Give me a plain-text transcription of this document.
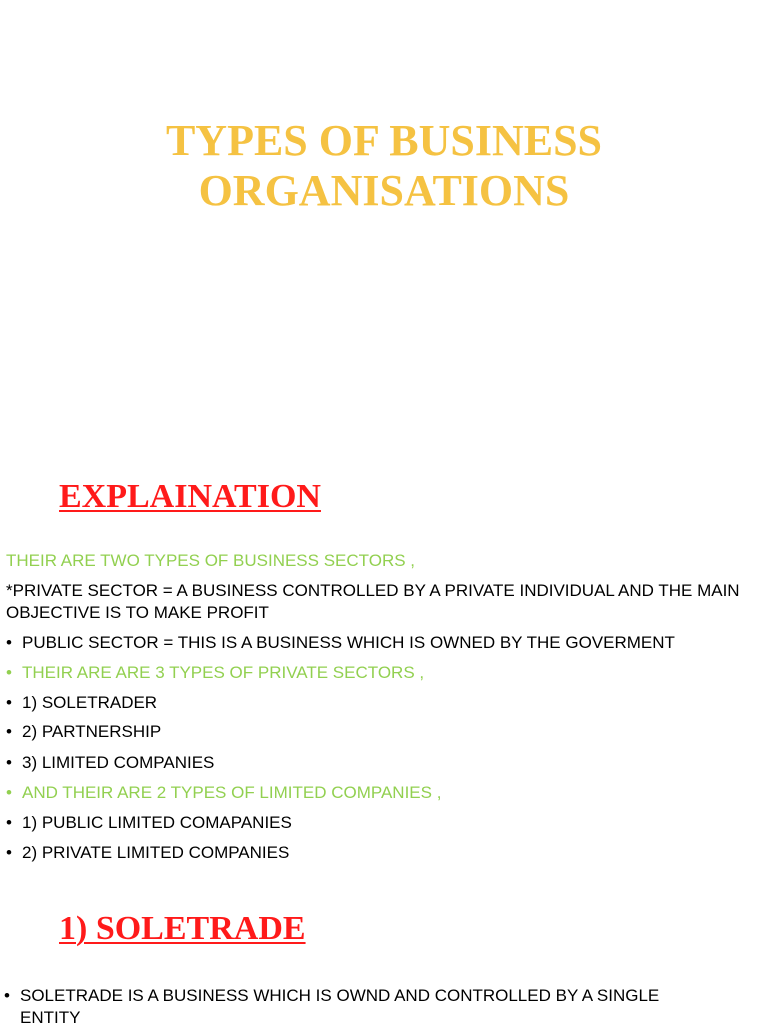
TYPES OF BUSINESS
ORGANISATIONS
EXPLAINATION

THEIR ARE TWO TYPES OF BUSINESS SECTORS ,

*PRIVATE SECTOR = A BUSINESS CONTROLLED BY A PRIVATE INDIVIDUAL AND THE MAIN OBJECTIVE IS TO MAKE PROFIT

• PUBLIC SECTOR = THIS IS A BUSINESS WHICH IS OWNED BY THE GOVERMENT

• THEIR ARE ARE 3 TYPES OF PRIVATE SECTORS ,

• 1) SOLETRADER

• 2) PARTNERSHIP

• 3) LIMITED COMPANIES

• AND THEIR ARE 2 TYPES OF LIMITED COMPANIES ,

• 1) PUBLIC LIMITED COMAPANIES

• 2) PRIVATE LIMITED COMPANIES

1) SOLETRADE
• SOLETRADE IS A BUSINESS WHICH IS OWND AND CONTROLLED BY A SINGLE ENTITY
